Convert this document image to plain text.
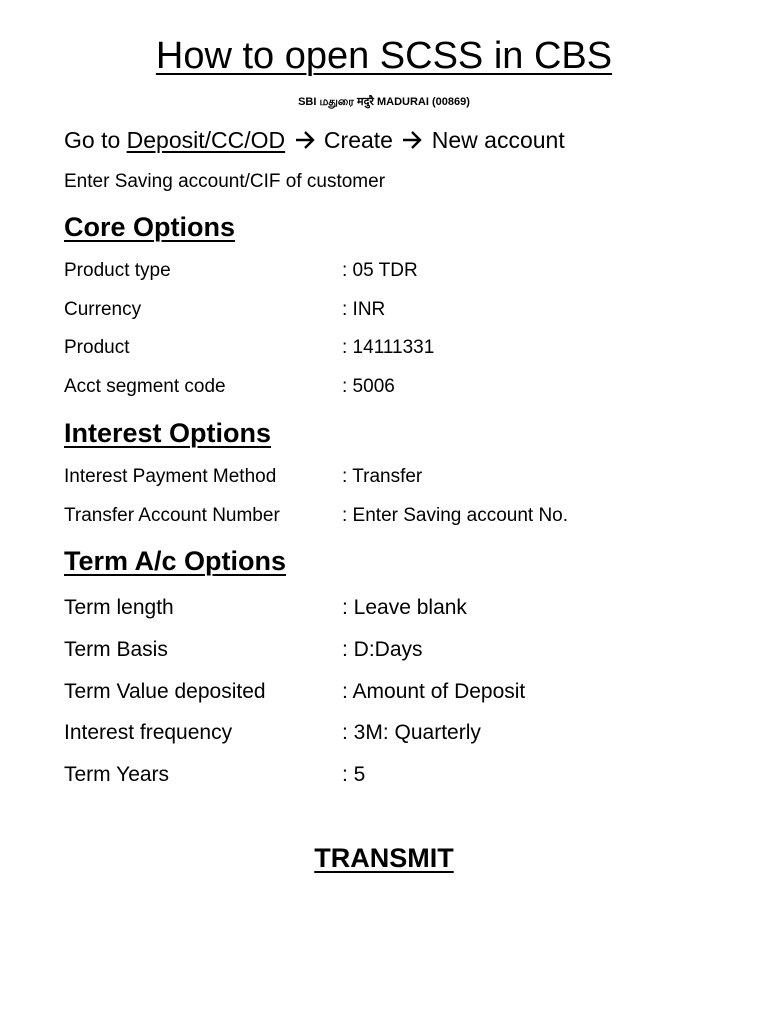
How to open SCSS in CBS
SBI மதுரை मदुरै MADURAI (00869)
Go to Deposit/CC/OD Create New account
Enter Saving account/CIF of customer
Core Options
Product type	: 05 TDR
Currency	: INR
Product	: 14111331
Acct segment code	: 5006
Interest Options
Interest Payment Method	: Transfer
Transfer Account Number	: Enter Saving account No.
Term A/c Options
Term length	: Leave blank
Term Basis	: D:Days
Term Value deposited	: Amount of Deposit
Interest frequency	: 3M: Quarterly
Term Years	: 5
TRANSMIT
